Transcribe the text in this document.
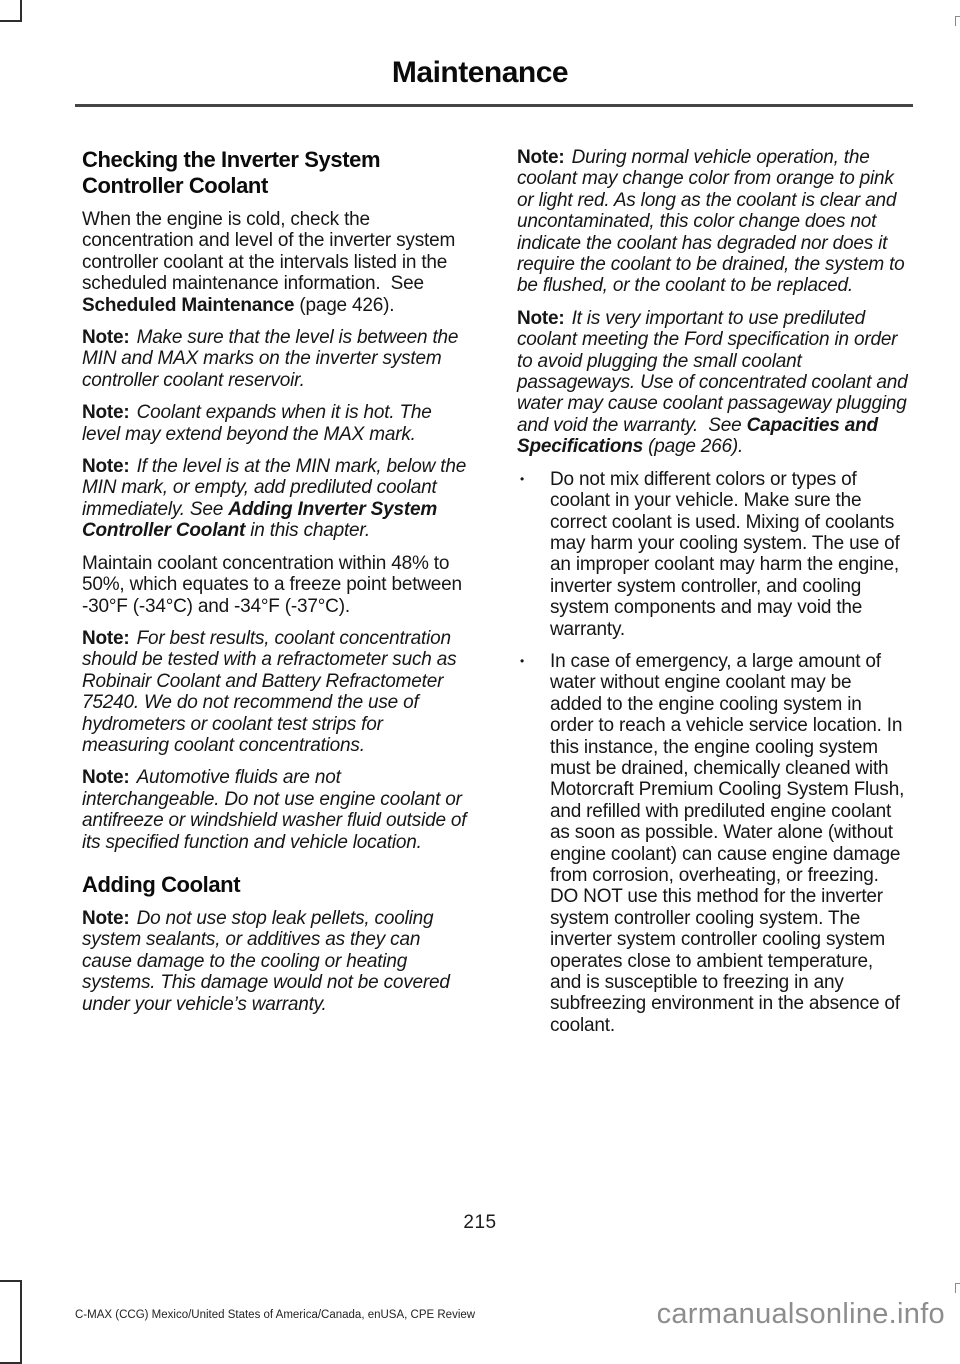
Maintenance
Checking the Inverter System Controller Coolant

When the engine is cold, check the concentration and level of the inverter system controller coolant at the intervals listed in the scheduled maintenance information.  See Scheduled Maintenance (page 426).

Note: Make sure that the level is between the MIN and MAX marks on the inverter system controller coolant reservoir.

Note: Coolant expands when it is hot. The level may extend beyond the MAX mark.

Note: If the level is at the MIN mark, below the MIN mark, or empty, add prediluted coolant immediately. See Adding Inverter System Controller Coolant in this chapter.

Maintain coolant concentration within 48% to 50%, which equates to a freeze point between -30°F (-34°C) and -34°F (-37°C).

Note: For best results, coolant concentration should be tested with a refractometer such as Robinair Coolant and Battery Refractometer 75240. We do not recommend the use of hydrometers or coolant test strips for measuring coolant concentrations.

Note: Automotive fluids are not interchangeable. Do not use engine coolant or antifreeze or windshield washer fluid outside of its specified function and vehicle location.

Adding Coolant

Note: Do not use stop leak pellets, cooling system sealants, or additives as they can cause damage to the cooling or heating systems. This damage would not be covered under your vehicle’s warranty.

Note: During normal vehicle operation, the coolant may change color from orange to pink or light red. As long as the coolant is clear and uncontaminated, this color change does not indicate the coolant has degraded nor does it require the coolant to be drained, the system to be flushed, or the coolant to be replaced.

Note: It is very important to use prediluted coolant meeting the Ford specification in order to avoid plugging the small coolant passageways. Use of concentrated coolant and water may cause coolant passageway plugging and void the warranty.  See Capacities and Specifications (page 266).

•	Do not mix different colors or types of coolant in your vehicle. Make sure the correct coolant is used. Mixing of coolants may harm your cooling system. The use of an improper coolant may harm the engine, inverter system controller, and cooling system components and may void the warranty.
•	In case of emergency, a large amount of water without engine coolant may be added to the engine cooling system in order to reach a vehicle service location. In this instance, the engine cooling system must be drained, chemically cleaned with Motorcraft Premium Cooling System Flush, and refilled with prediluted engine coolant as soon as possible. Water alone (without engine coolant) can cause engine damage from corrosion, overheating, or freezing. DO NOT use this method for the inverter system controller cooling system. The inverter system controller cooling system operates close to ambient temperature, and is susceptible to freezing in any subfreezing environment in the absence of coolant.
215
C-MAX (CCG) Mexico/United States of America/Canada, enUSA, CPE Review	carmanualsonline.info
